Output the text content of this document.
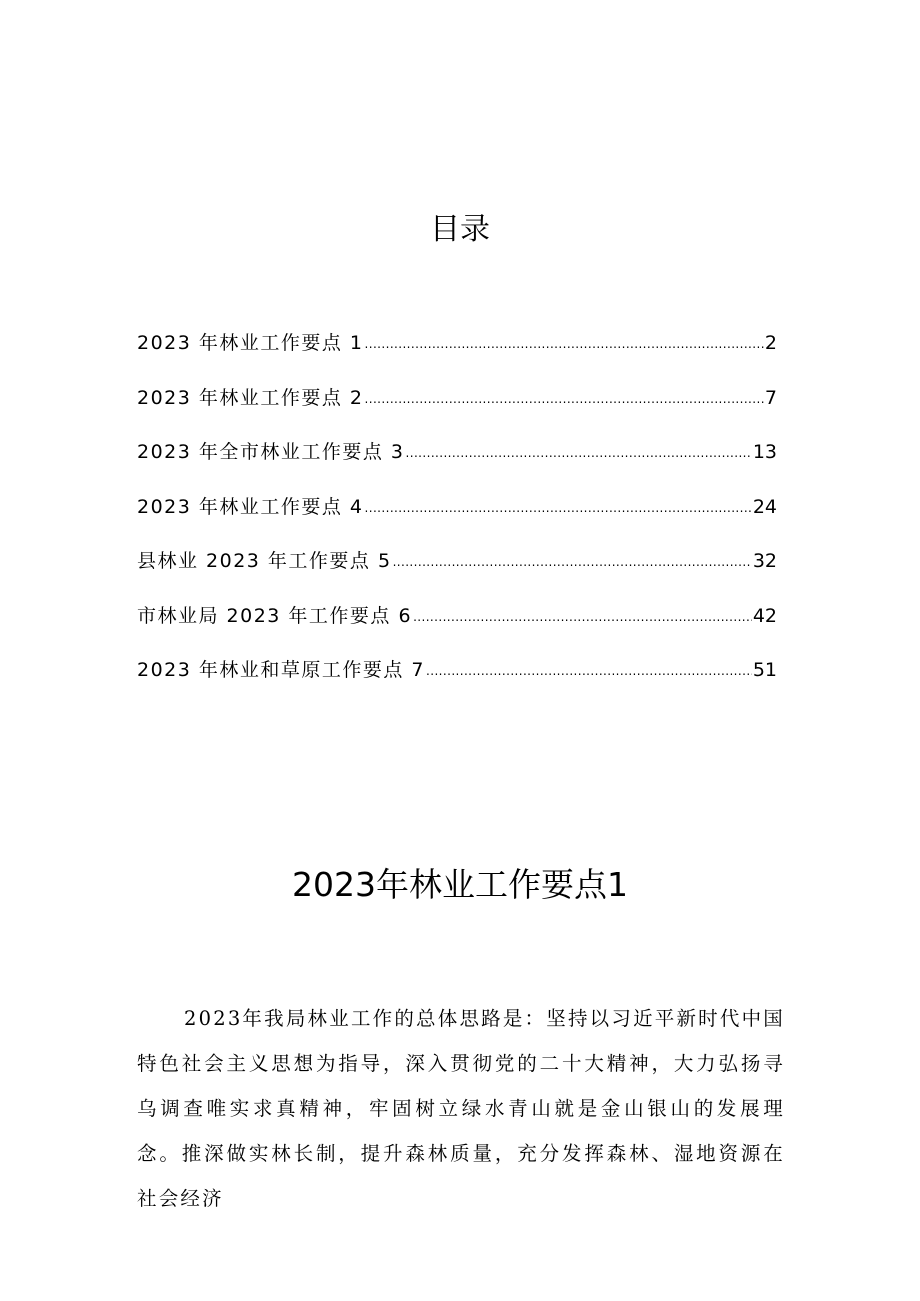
目录
2023 年林业工作要点 1 .....	2
2023 年林业工作要点 2 .....	7
2023 年全市林业工作要点 3 .....	13
2023 年林业工作要点 4 .....	24
县林业 2023 年工作要点 5 .....	32
市林业局 2023 年工作要点 6 .....	42
2023 年林业和草原工作要点 7 .....	51
2023年林业工作要点1

2023年我局林业工作的总体思路是：坚持以习近平新时代中国特色社会主义思想为指导，深入贯彻党的二十大精神，大力弘扬寻乌调查唯实求真精神，牢固树立绿水青山就是金山银山的发展理念。推深做实林长制，提升森林质量，充分发挥森林、湿地资源在社会经济
